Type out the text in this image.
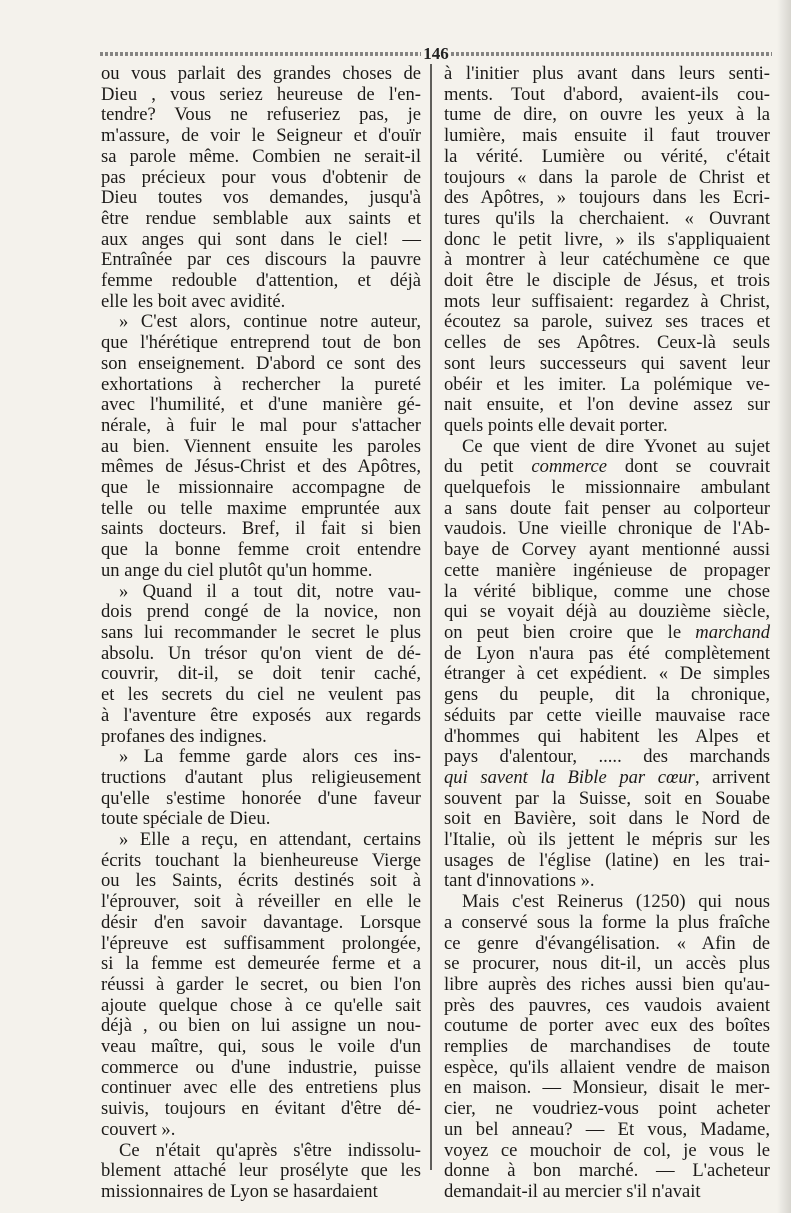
146
ou vous parlait des grandes choses de
Dieu , vous seriez heureuse de l'en-
tendre? Vous ne refuseriez pas, je
m'assure, de voir le Seigneur et d'ouïr
sa parole même. Combien ne serait-il
pas précieux pour vous d'obtenir de
Dieu toutes vos demandes, jusqu'à
être rendue semblable aux saints et
aux anges qui sont dans le ciel! —
Entraînée par ces discours la pauvre
femme redouble d'attention, et déjà
elle les boit avec avidité.
» C'est alors, continue notre auteur,
que l'hérétique entreprend tout de bon
son enseignement. D'abord ce sont des
exhortations à rechercher la pureté
avec l'humilité, et d'une manière gé-
nérale, à fuir le mal pour s'attacher
au bien. Viennent ensuite les paroles
mêmes de Jésus-Christ et des Apôtres,
que le missionnaire accompagne de
telle ou telle maxime empruntée aux
saints docteurs. Bref, il fait si bien
que la bonne femme croit entendre
un ange du ciel plutôt qu'un homme.
» Quand il a tout dit, notre vau-
dois prend congé de la novice, non
sans lui recommander le secret le plus
absolu. Un trésor qu'on vient de dé-
couvrir, dit-il, se doit tenir caché,
et les secrets du ciel ne veulent pas
à l'aventure être exposés aux regards
profanes des indignes.
» La femme garde alors ces ins-
tructions d'autant plus religieusement
qu'elle s'estime honorée d'une faveur
toute spéciale de Dieu.
» Elle a reçu, en attendant, certains
écrits touchant la bienheureuse Vierge
ou les Saints, écrits destinés soit à
l'éprouver, soit à réveiller en elle le
désir d'en savoir davantage. Lorsque
l'épreuve est suffisamment prolongée,
si la femme est demeurée ferme et a
réussi à garder le secret, ou bien l'on
ajoute quelque chose à ce qu'elle sait
déjà , ou bien on lui assigne un nou-
veau maître, qui, sous le voile d'un
commerce ou d'une industrie, puisse
continuer avec elle des entretiens plus
suivis, toujours en évitant d'être dé-
couvert ».
Ce n'était qu'après s'être indissolu-
blement attaché leur prosélyte que les
missionnaires de Lyon se hasardaient
à l'initier plus avant dans leurs senti-
ments. Tout d'abord, avaient-ils cou-
tume de dire, on ouvre les yeux à la
lumière, mais ensuite il faut trouver
la vérité. Lumière ou vérité, c'était
toujours « dans la parole de Christ et
des Apôtres, » toujours dans les Ecri-
tures qu'ils la cherchaient. « Ouvrant
donc le petit livre, » ils s'appliquaient
à montrer à leur catéchumène ce que
doit être le disciple de Jésus, et trois
mots leur suffisaient: regardez à Christ,
écoutez sa parole, suivez ses traces et
celles de ses Apôtres. Ceux-là seuls
sont leurs successeurs qui savent leur
obéir et les imiter. La polémique ve-
nait ensuite, et l'on devine assez sur
quels points elle devait porter.
Ce que vient de dire Yvonet au sujet
du petit commerce dont se couvrait
quelquefois le missionnaire ambulant
a sans doute fait penser au colporteur
vaudois. Une vieille chronique de l'Ab-
baye de Corvey ayant mentionné aussi
cette manière ingénieuse de propager
la vérité biblique, comme une chose
qui se voyait déjà au douzième siècle,
on peut bien croire que le marchand
de Lyon n'aura pas été complètement
étranger à cet expédient. « De simples
gens du peuple, dit la chronique,
séduits par cette vieille mauvaise race
d'hommes qui habitent les Alpes et
pays d'alentour, ..... des marchands
qui savent la Bible par cœur, arrivent
souvent par la Suisse, soit en Souabe
soit en Bavière, soit dans le Nord de
l'Italie, où ils jettent le mépris sur les
usages de l'église (latine) en les trai-
tant d'innovations ».
Mais c'est Reinerus (1250) qui nous
a conservé sous la forme la plus fraîche
ce genre d'évangélisation. « Afin de
se procurer, nous dit-il, un accès plus
libre auprès des riches aussi bien qu'au-
près des pauvres, ces vaudois avaient
coutume de porter avec eux des boîtes
remplies de marchandises de toute
espèce, qu'ils allaient vendre de maison
en maison. — Monsieur, disait le mer-
cier, ne voudriez-vous point acheter
un bel anneau? — Et vous, Madame,
voyez ce mouchoir de col, je vous le
donne à bon marché. — L'acheteur
demandait-il au mercier s'il n'avait
